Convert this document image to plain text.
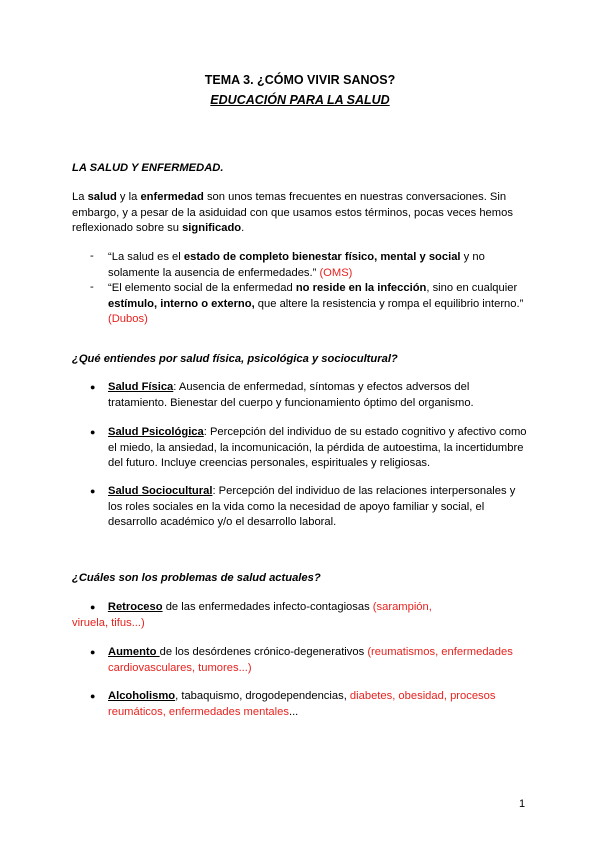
TEMA 3. ¿CÓMO VIVIR SANOS?
EDUCACIÓN PARA LA SALUD
LA SALUD Y ENFERMEDAD.
La salud y la enfermedad son unos temas frecuentes en nuestras conversaciones. Sin embargo, y a pesar de la asiduidad con que usamos estos términos, pocas veces hemos reflexionado sobre su significado.
- “La salud es el estado de completo bienestar físico, mental y social y no solamente la ausencia de enfermedades.” (OMS)
- “El elemento social de la enfermedad no reside en la infección, sino en cualquier estímulo, interno o externo, que altere la resistencia y rompa el equilibrio interno.” (Dubos)
¿Qué entiendes por salud física, psicológica y sociocultural?
● Salud Física: Ausencia de enfermedad, síntomas y efectos adversos del tratamiento. Bienestar del cuerpo y funcionamiento óptimo del organismo.
● Salud Psicológica: Percepción del individuo de su estado cognitivo y afectivo como el miedo, la ansiedad, la incomunicación, la pérdida de autoestima, la incertidumbre del futuro. Incluye creencias personales, espirituales y religiosas.
● Salud Sociocultural: Percepción del individuo de las relaciones interpersonales y los roles sociales en la vida como la necesidad de apoyo familiar y social, el desarrollo académico y/o el desarrollo laboral.
¿Cuáles son los problemas de salud actuales?
● Retroceso de las enfermedades infecto-contagiosas (sarampión, viruela, tifus...)
● Aumento de los desórdenes crónico-degenerativos (reumatismos, enfermedades cardiovasculares, tumores...)
● Alcoholismo, tabaquismo, drogodependencias, diabetes, obesidad, procesos reumáticos, enfermedades mentales...
1
